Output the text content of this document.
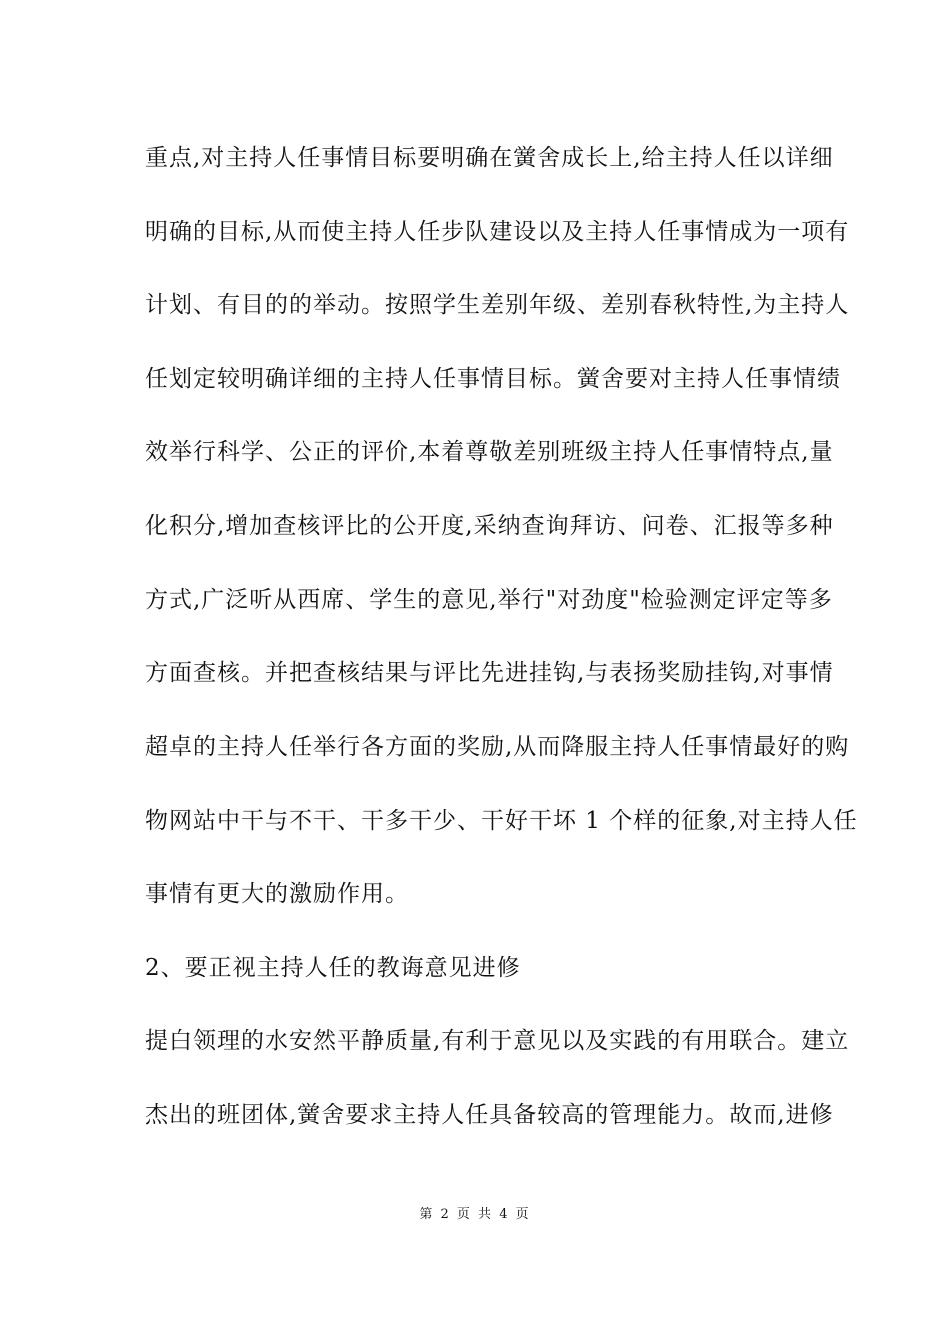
重点,对主持人任事情目标要明确在黉舍成长上,给主持人任以详细
明确的目标,从而使主持人任步队建设以及主持人任事情成为一项有
计划、有目的的举动。按照学生差别年级、差别春秋特性,为主持人
任划定较明确详细的主持人任事情目标。黉舍要对主持人任事情绩
效举行科学、公正的评价,本着尊敬差别班级主持人任事情特点,量
化积分,增加查核评比的公开度,采纳查询拜访、问卷、汇报等多种
方式,广泛听从西席、学生的意见,举行"对劲度"检验测定评定等多
方面查核。并把查核结果与评比先进挂钩,与表扬奖励挂钩,对事情
超卓的主持人任举行各方面的奖励,从而降服主持人任事情最好的购
物网站中干与不干、干多干少、干好干坏 1 个样的征象,对主持人任
事情有更大的激励作用。
2、要正视主持人任的教诲意见进修
提白领理的水安然平静质量,有利于意见以及实践的有用联合。建立
杰出的班团体,黉舍要求主持人任具备较高的管理能力。故而,进修
第 2 页 共 4 页
